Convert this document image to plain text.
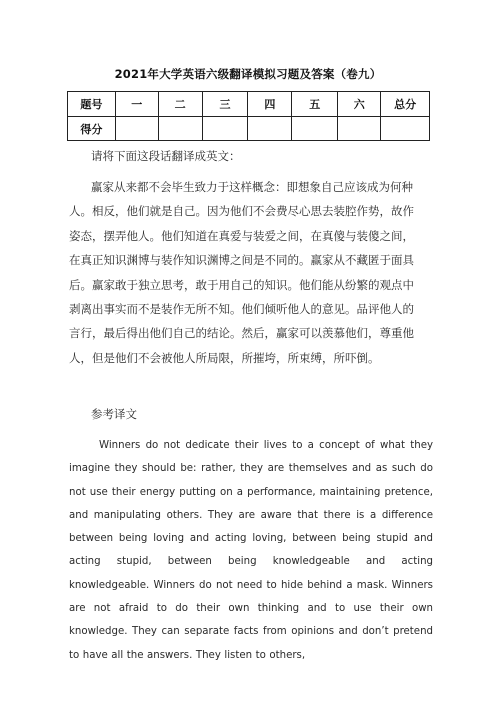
2021年大学英语六级翻译模拟习题及答案（卷九）
题号	一	二	三	四	五	六	总分
得分							
请将下面这段话翻译成英文：
赢家从来都不会毕生致力于这样概念：即想象自己应该成为何种
人。相反，他们就是自己。因为他们不会费尽心思去装腔作势，故作
姿态，摆弄他人。他们知道在真爱与装爱之间，在真傻与装傻之间，
在真正知识渊博与装作知识渊博之间是不同的。赢家从不藏匿于面具
后。赢家敢于独立思考，敢于用自己的知识。他们能从纷繁的观点中
剥离出事实而不是装作无所不知。他们倾听他人的意见。品评他人的
言行，最后得出他们自己的结论。然后，赢家可以羡慕他们，尊重他
人，但是他们不会被他人所局限，所摧垮，所束缚，所吓倒。
参考译文
Winners do not dedicate their lives to a concept of what they imagine they should be: rather, they are themselves and as such do not use their energy putting on a performance, maintaining pretence, and manipulating others. They are aware that there is a difference between being loving and acting loving, between being stupid and acting stupid, between being knowledgeable and acting knowledgeable. Winners do not need to hide behind a mask. Winners are not afraid to do their own thinking and to use their own knowledge. They can separate facts from opinions and don’t pretend to have all the answers. They listen to others,
